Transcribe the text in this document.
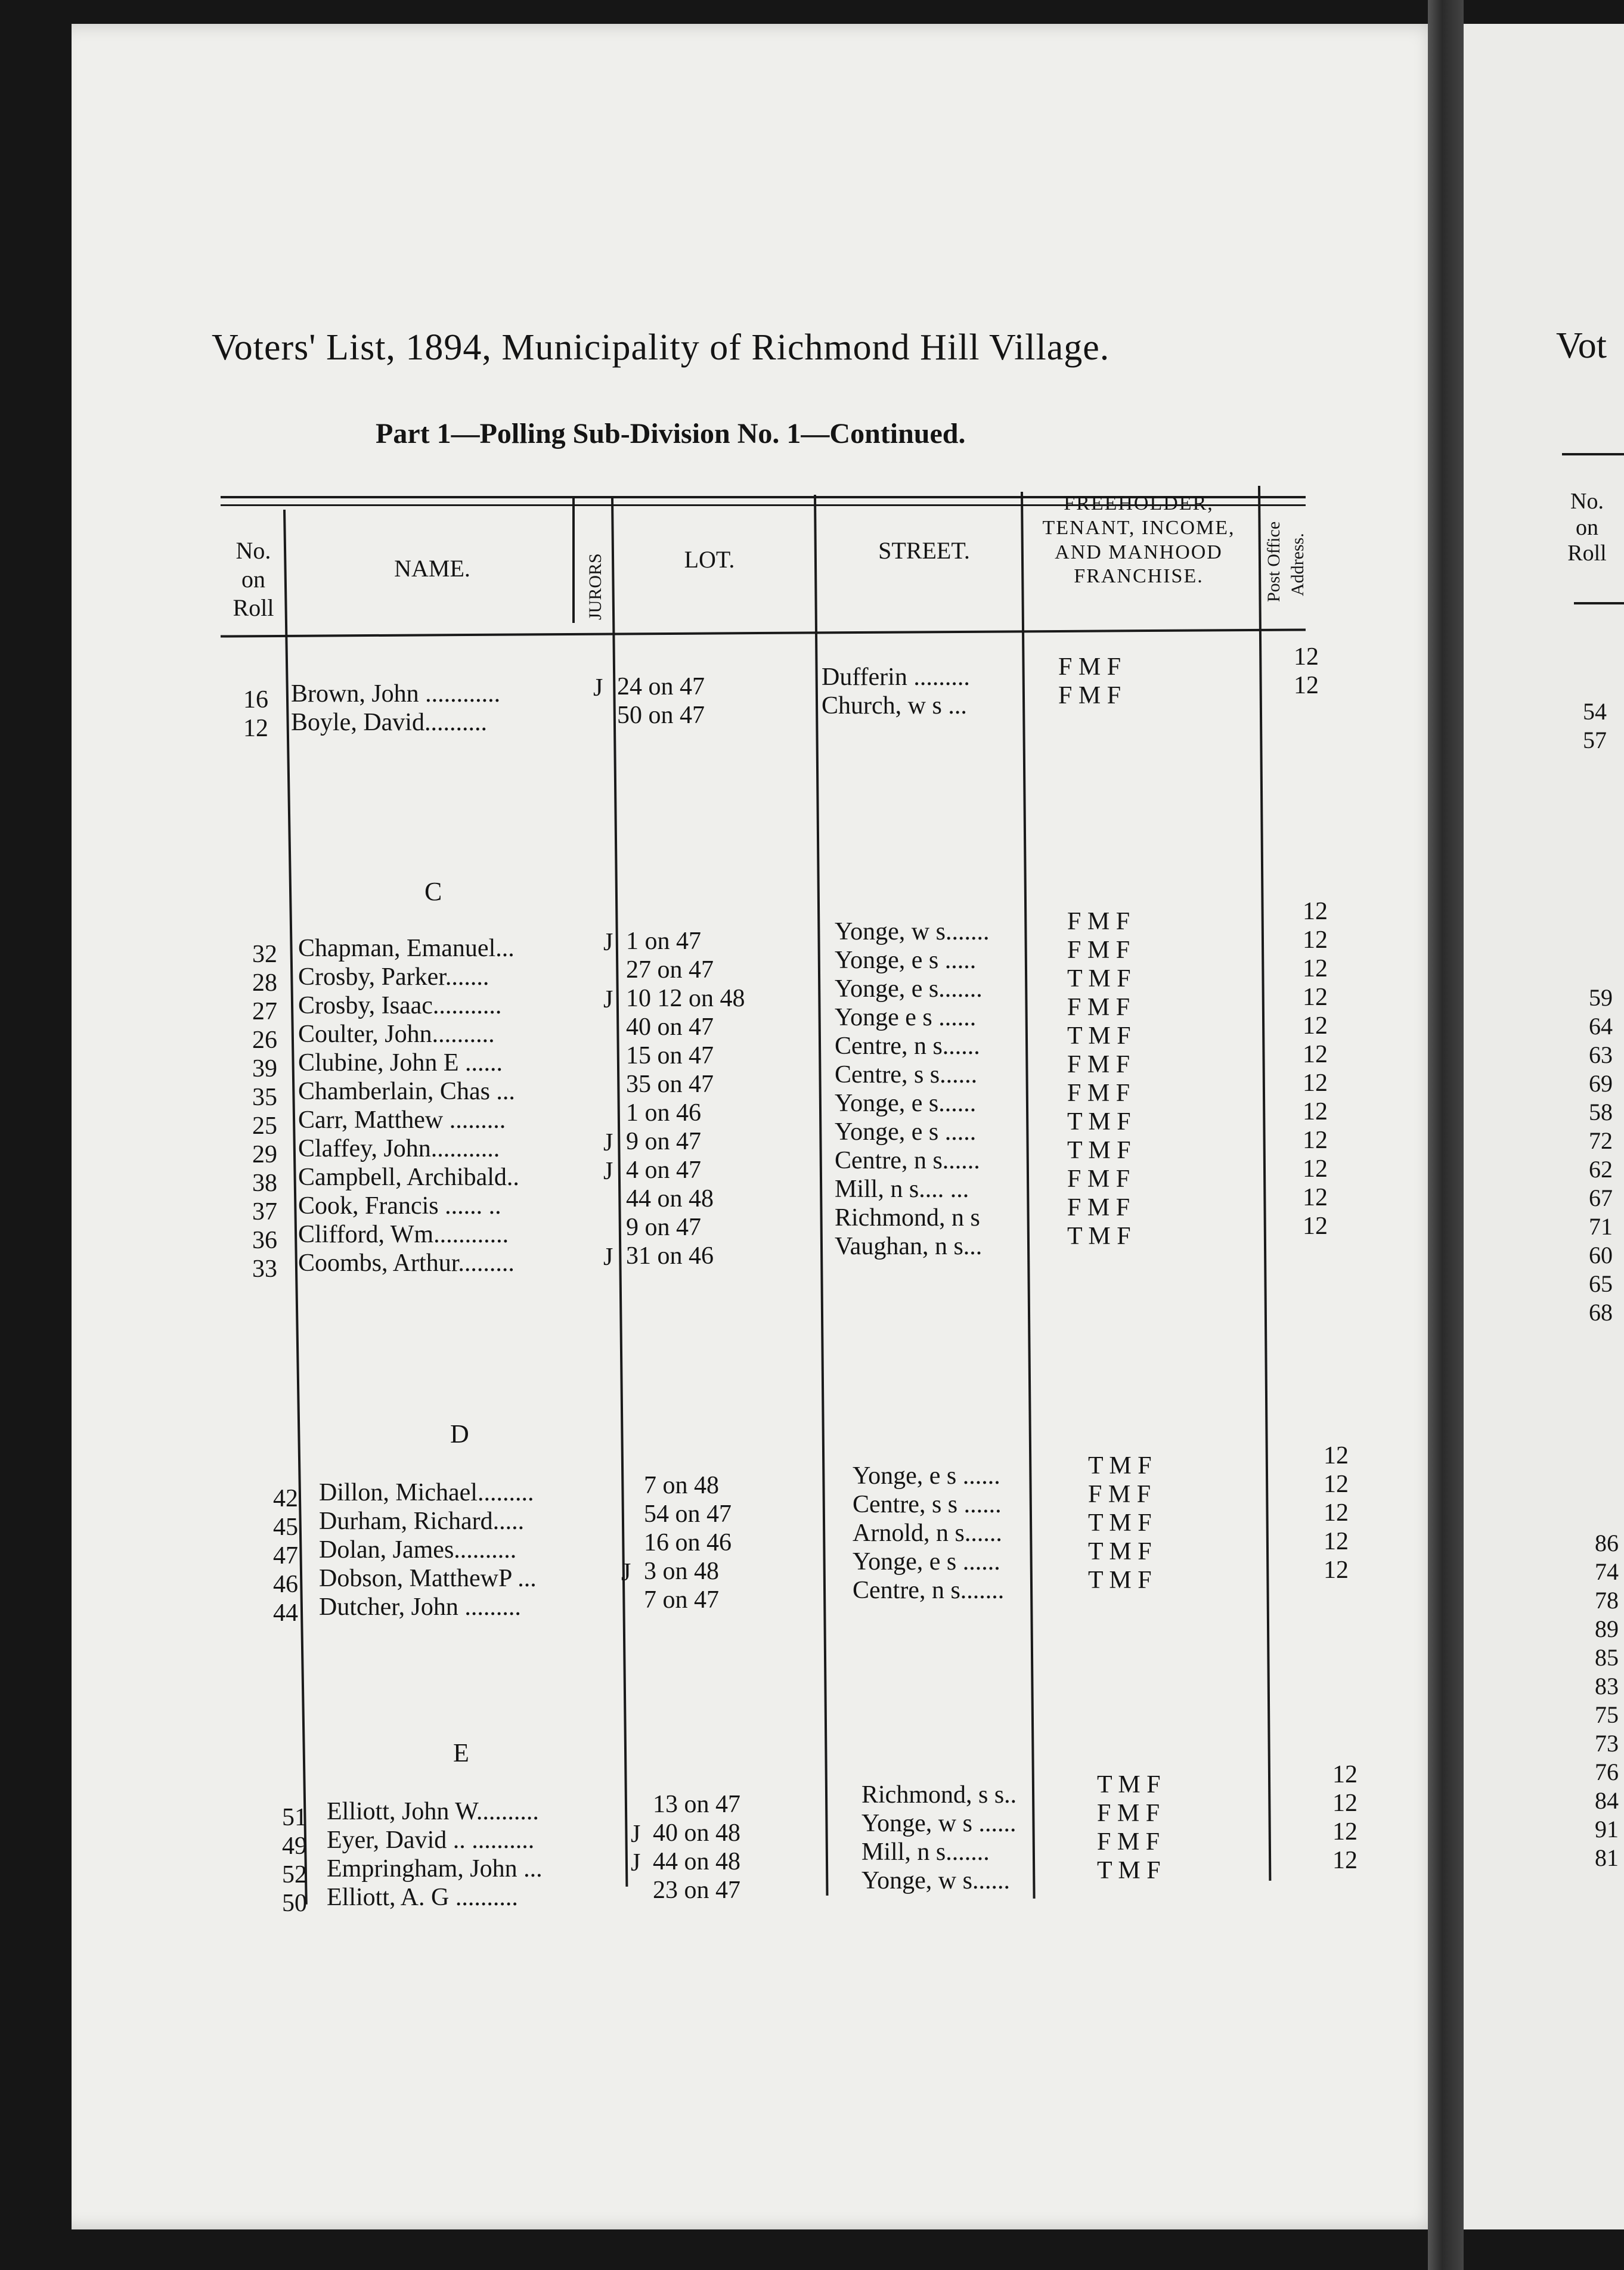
Voters' List, 1894, Municipality of Richmond Hill Village.
Part 1—Polling Sub-Division No. 1—Continued.
No.
on
Roll
NAME.	JURORS	LOT.	STREET.
FREEHOLDER,
TENANT, INCOME,
AND MANHOOD
FRANCHISE.	Post Office Address.
16 Brown, John ............	J 24 on 47	Dufferin .........	F M F	12
12 Boyle, David..........	50 on 47	Church, w s ...	F M F	12
C
32 Chapman, Emanuel...	J 1 on 47	Yonge, w s.......	F M F	12
28 Crosby, Parker.......	27 on 47	Yonge, e s .....	F M F	12
27 Crosby, Isaac...........	J 10 12 on 48	Yonge, e s.......	T M F	12
26 Coulter, John..........	40 on 47	Yonge e s ......	F M F	12
39 Clubine, John E ......	15 on 47	Centre, n s......	T M F	12
35 Chamberlain, Chas ...	35 on 47	Centre, s s......	F M F	12
25 Carr, Matthew .........	1 on 46	Yonge, e s......	F M F	12
29 Claffey, John...........	J 9 on 47	Yonge, e s .....	T M F	12
38 Campbell, Archibald..	J 4 on 47	Centre, n s......	T M F	12
37 Cook, Francis ...... ..	44 on 48	Mill, n s.... ...	F M F	12
36 Clifford, Wm............	9 on 47	Richmond, n s	F M F	12
33 Coombs, Arthur.........	J 31 on 46	Vaughan, n s...	T M F	12
D
42 Dillon, Michael.........	7 on 48	Yonge, e s ......	T M F	12
45 Durham, Richard.....	54 on 47	Centre, s s ......	F M F	12
47 Dolan, James..........	16 on 46	Arnold, n s......	T M F	12
46 Dobson, MatthewP ...	J 3 on 48	Yonge, e s ......	T M F	12
44 Dutcher, John .........	7 on 47	Centre, n s.......	T M F	12
E
51 Elliott, John W..........	13 on 47	Richmond, s s..	T M F	12
49 Eyer, David .. ..........	J 40 on 48	Yonge, w s ......	F M F	12
52 Empringham, John ...	J 44 on 48	Mill, n s.......	F M F	12
50 Elliott, A. G ..........	23 on 47	Yonge, w s......	T M F	12
Vot
No.
on
Roll
54
57
59
64
63
69
58
72
62
67
71
60
65
68
86
74
78
89
85
83
75
73
76
84
91
81
